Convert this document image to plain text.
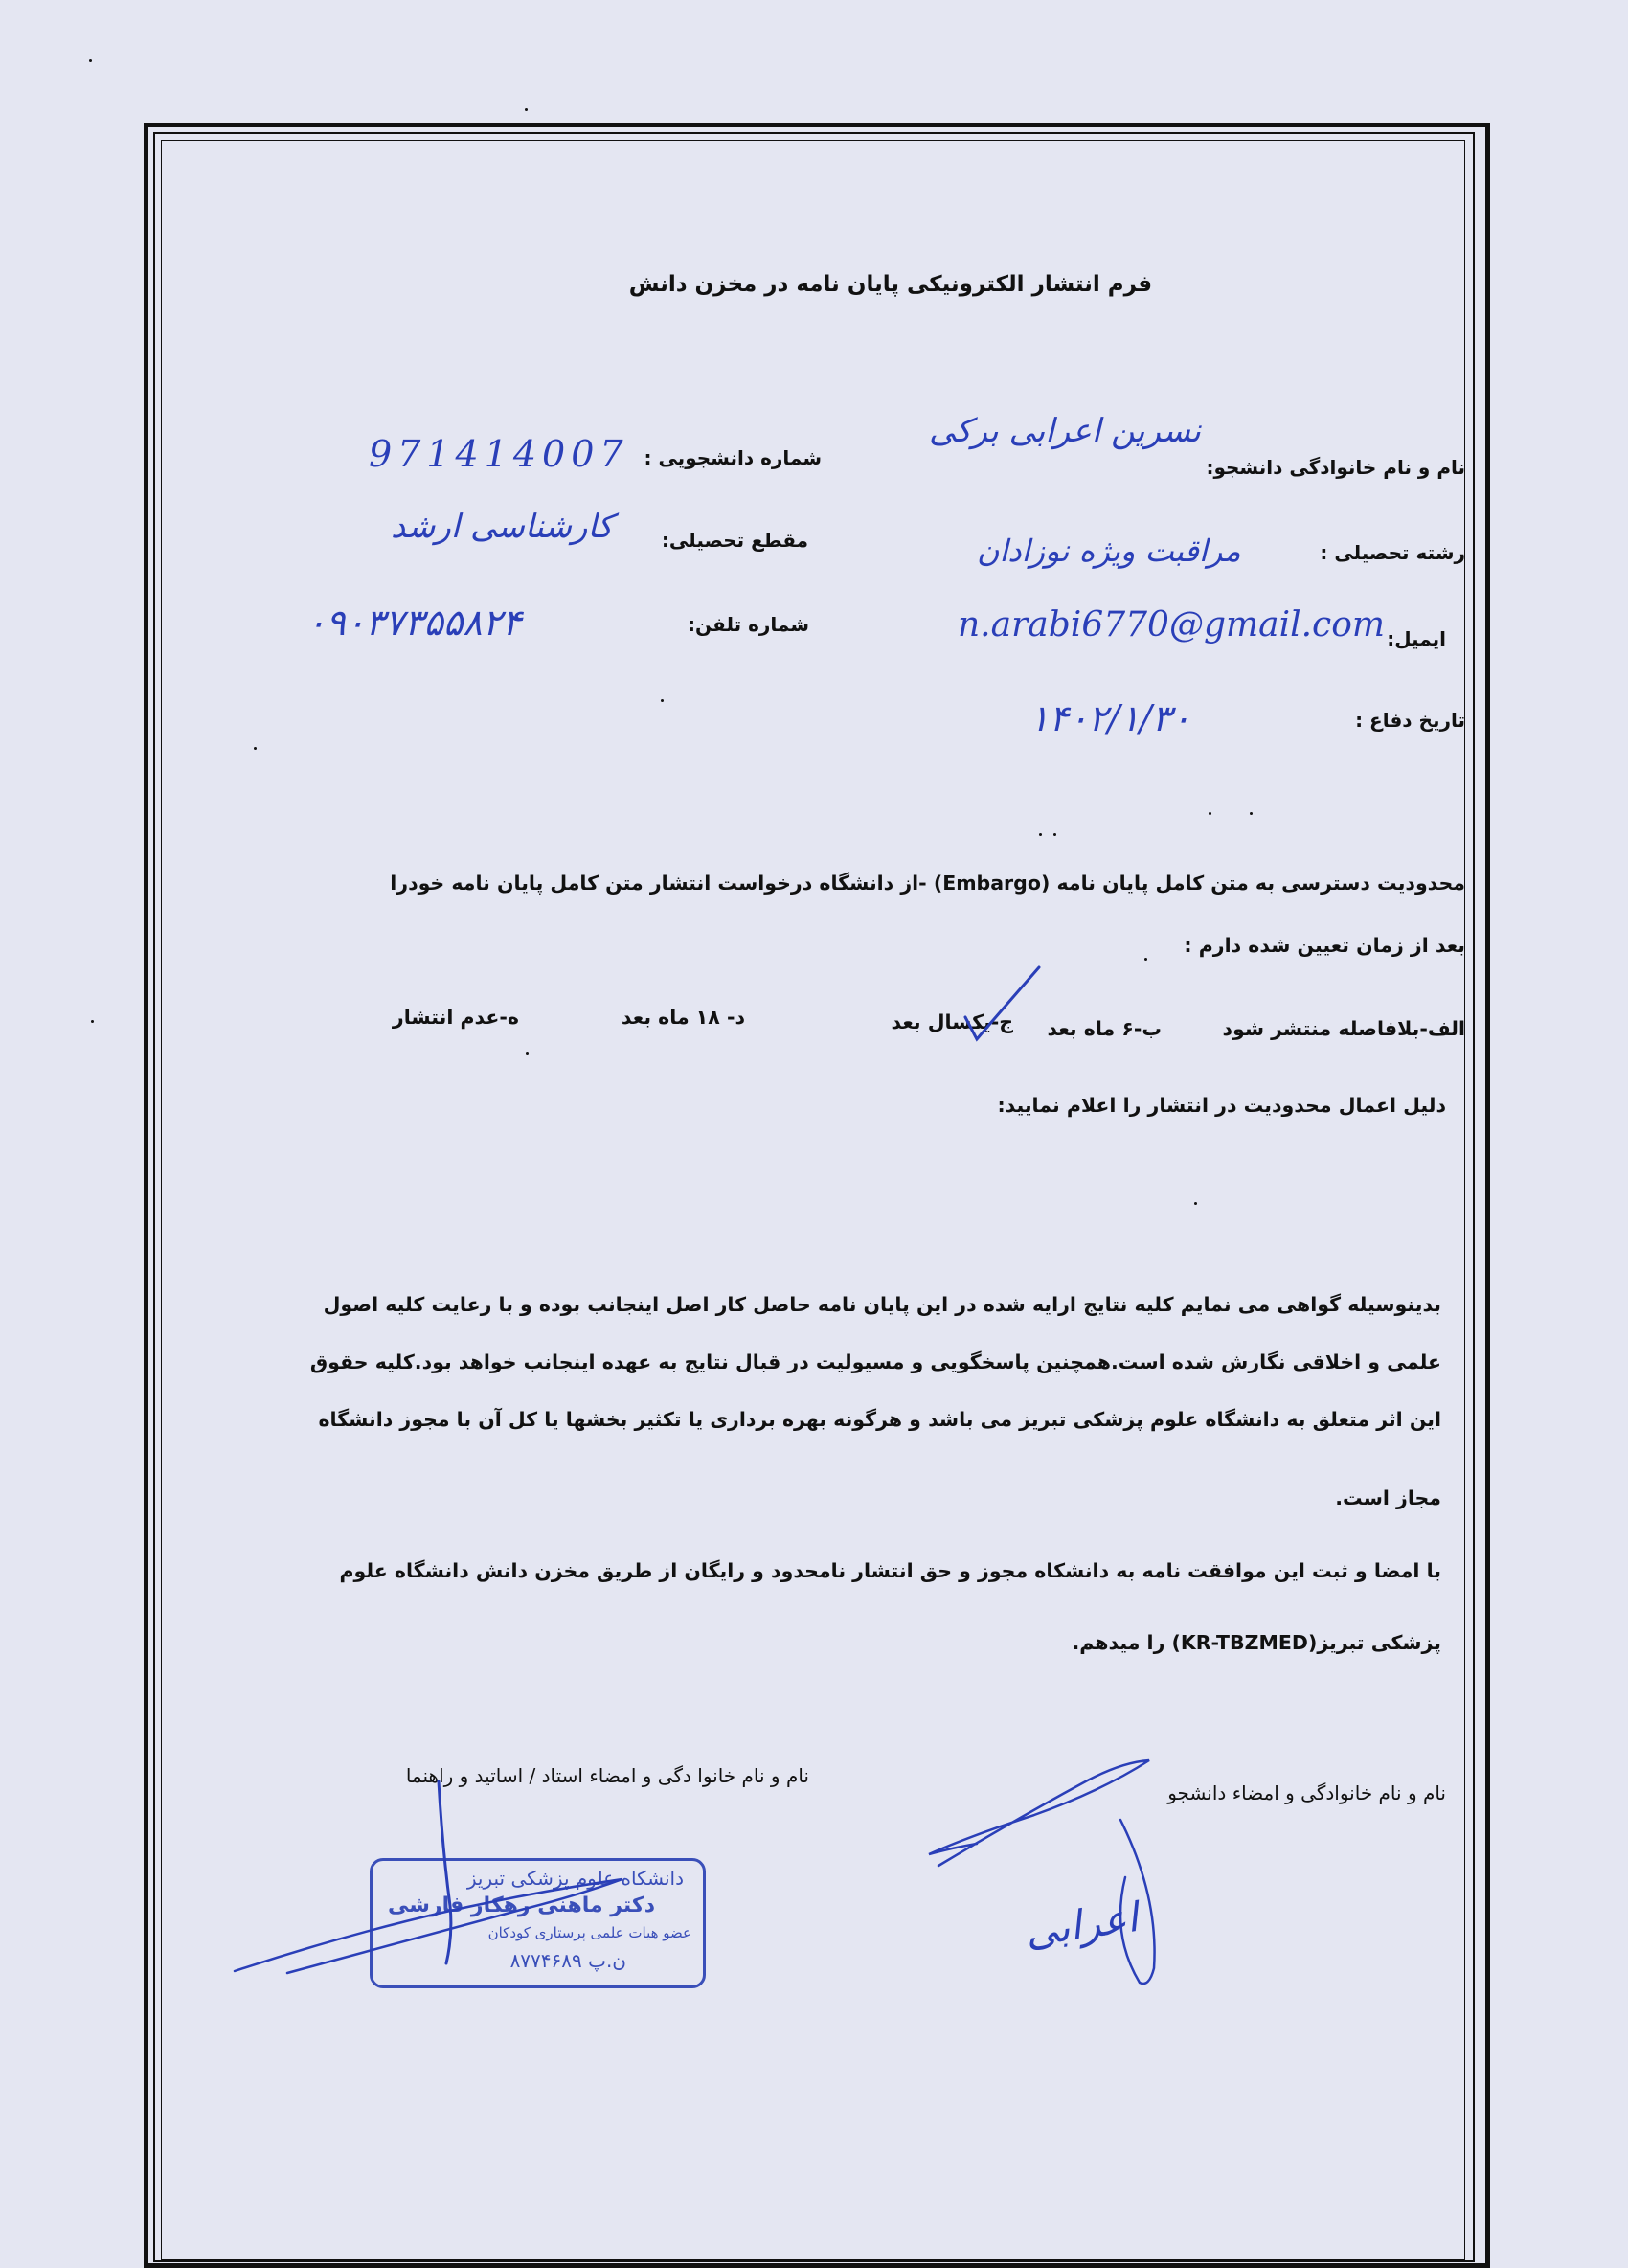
فرم انتشار الکترونیکی پایان نامه در مخزن دانش
نام و نام خانوادگی دانشجو:
نسرین اعرابی برکی
رشته تحصیلی :
مراقبت ویژه نوزادان
ایمیل:
n.arabi6770@gmail.com
تاریخ دفاع :
۱۴۰۲/۱/۳۰
شماره دانشجویی :
971414007
مقطع تحصیلی:
کارشناسی ارشد
شماره تلفن:
۰۹۰۳۷۳۵۵۸۲۴
محدودیت دسترسی به متن کامل پایان نامه (Embargo) -از دانشگاه درخواست انتشار متن کامل پایان نامه خودرا
بعد از زمان تعیین شده دارم :
الف-بلافاصله منتشر شود
ب-۶ ماه بعد
ج-یکسال بعد
د- ۱۸ ماه بعد
ه-عدم انتشار
دلیل اعمال محدودیت در انتشار را اعلام نمایید:
بدینوسیله گواهی می نمایم کلیه نتایج ارایه شده در این پایان نامه حاصل کار اصل اینجانب بوده و با رعایت کلیه اصول
علمی و اخلاقی نگارش شده است.همچنین پاسخگویی و مسیولیت در قبال نتایج به عهده اینجانب خواهد بود.کلیه حقوق
این اثر متعلق به دانشگاه علوم پزشکی تبریز می باشد و هرگونه بهره برداری یا تکثیر بخشها یا کل آن با مجوز دانشگاه
مجاز است.
با امضا و ثبت این موافقت نامه به دانشکاه مجوز و حق انتشار نامحدود و رایگان از طریق مخزن دانش دانشگاه علوم
پزشکی تبریز(KR-TBZMED) را میدهم.
نام و نام خانوا دگی و امضاء استاد / اساتید و راهنما
نام و نام خانوادگی و امضاء دانشجو
دانشکاه علوم پزشکی تبریز
دکتر ماهنی رهکار فارشی
عضو هیات علمی پرستاری کودکان
ن.پ ۸۷۷۴۶۸۹
اعرابی
